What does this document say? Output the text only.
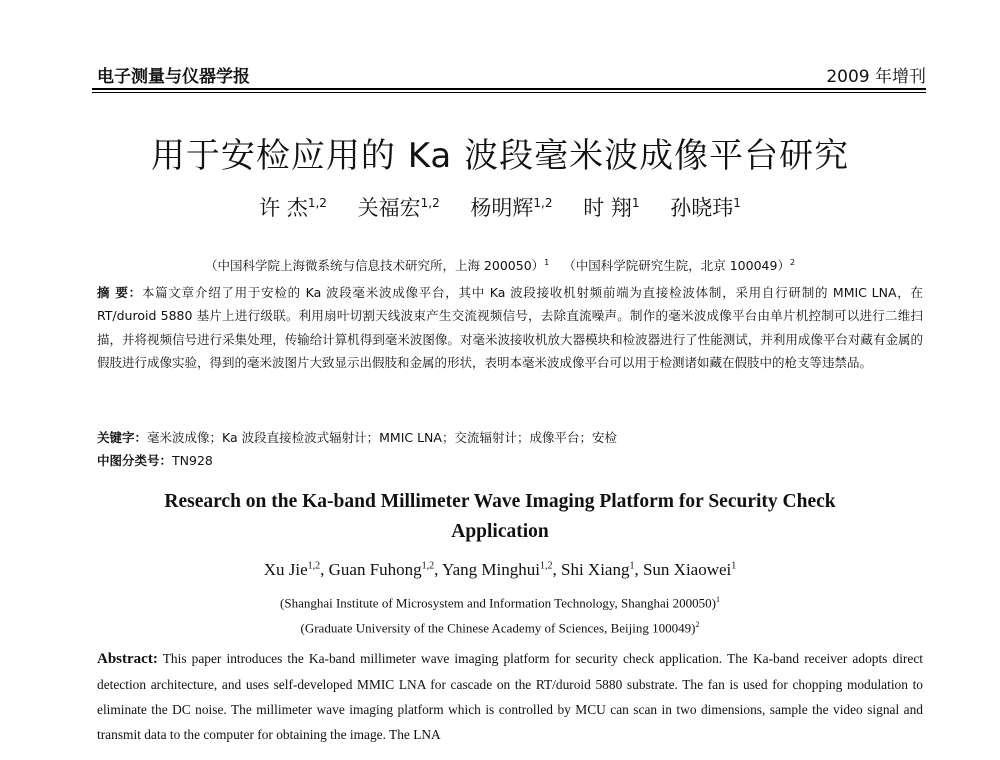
电子测量与仪器学报	2009 年增刊
用于安检应用的 Ka 波段毫米波成像平台研究
许 杰$^{1,2}$ 关福宏$^{1,2}$ 杨明辉$^{1,2}$ 时 翔$^1$ 孙晓玮$^1$
（中国科学院上海微系统与信息技术研究所，上海 200050）$^1$ （中国科学院研究生院，北京 100049）$^2$
摘 要：本篇文章介绍了用于安检的 Ka 波段毫米波成像平台，其中 Ka 波段接收机射频前端为直接检波体制，采用自行研制的 MMIC LNA，在 RT/duroid 5880 基片上进行级联。利用扇叶切割天线波束产生交流视频信号，去除直流噪声。制作的毫米波成像平台由单片机控制可以进行二维扫描，并将视频信号进行采集处理，传输给计算机得到毫米波图像。对毫米波接收机放大器模块和检波器进行了性能测试，并利用成像平台对藏有金属的假肢进行成像实验，得到的毫米波图片大致显示出假肢和金属的形状，表明本毫米波成像平台可以用于检测诸如藏在假肢中的枪支等违禁品。
关键字：毫米波成像；Ka 波段直接检波式辐射计；MMIC LNA；交流辐射计；成像平台；安检
中图分类号：TN928
Research on the Ka-band Millimeter Wave Imaging Platform for Security Check
Application
Xu Jie$^{1,2}$, Guan Fuhong$^{1,2}$, Yang Minghui$^{1,2}$, Shi Xiang$^1$, Sun Xiaowei$^1$
(Shanghai Institute of Microsystem and Information Technology, Shanghai 200050)$^1$
(Graduate University of the Chinese Academy of Sciences, Beijing 100049)$^2$
Abstract: This paper introduces the Ka-band millimeter wave imaging platform for security check application. The Ka-band receiver adopts direct detection architecture, and uses self-developed MMIC LNA for cascade on the RT/duroid 5880 substrate. The fan is used for chopping modulation to eliminate the DC noise. The millimeter wave imaging platform which is controlled by MCU can scan in two dimensions, sample the video signal and transmit data to the computer for obtaining the image. The LNA
